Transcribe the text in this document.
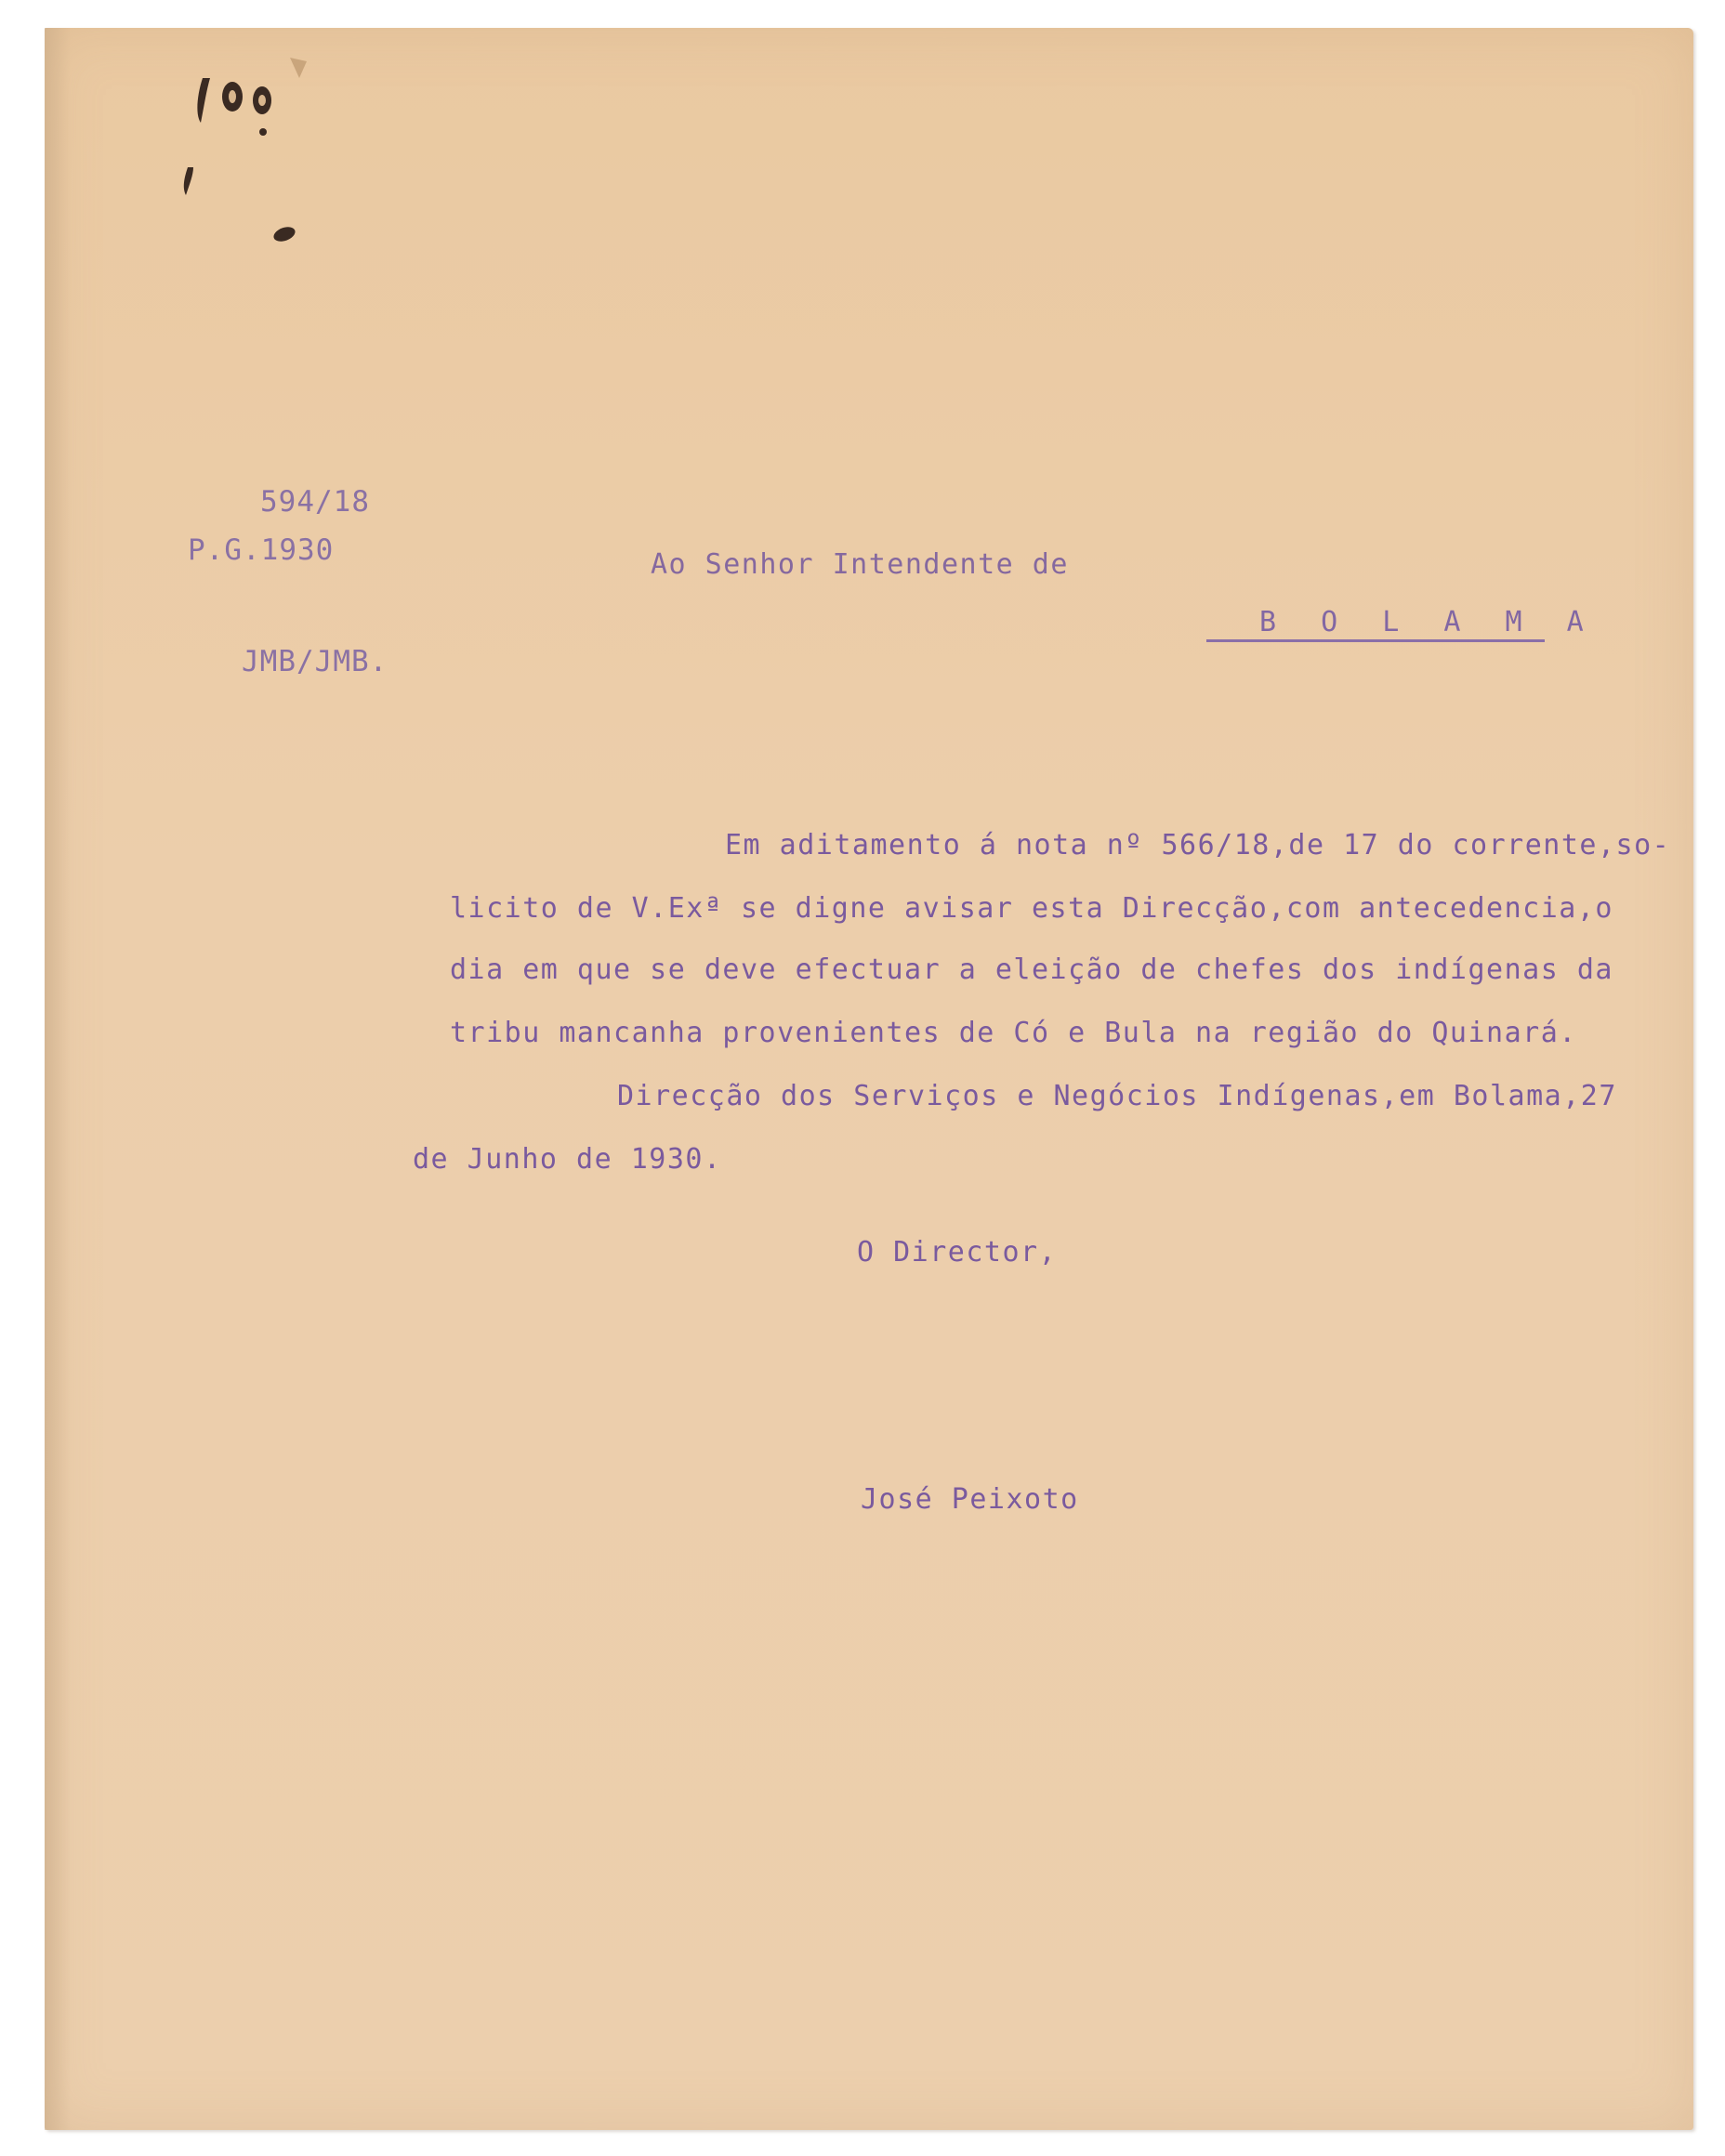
594/18
P.G.1930
JMB/JMB.
Ao Senhor Intendente de
B O L A M A
Em aditamento á nota nº 566/18,de 17 do corrente,so-
licito de V.Exª se digne avisar esta Direcção,com antecedencia,o
dia em que se deve efectuar a eleição de chefes dos indígenas da
tribu mancanha provenientes de Có e Bula na região do Quinará.
Direcção dos Serviços e Negócios Indígenas,em Bolama,27
de Junho de 1930.
O Director,
José Peixoto
